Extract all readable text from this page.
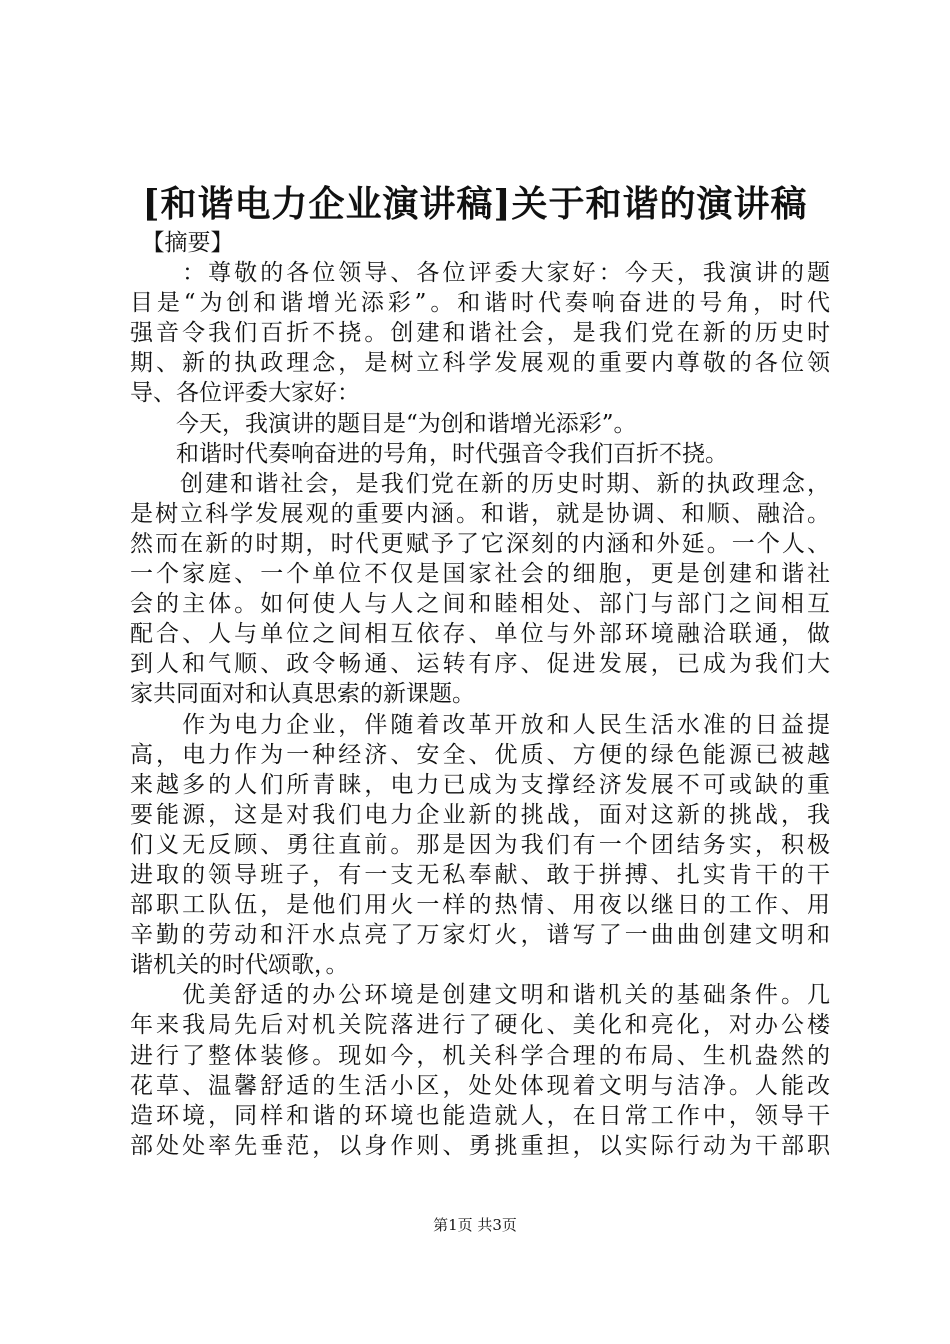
[和谐电力企业演讲稿]关于和谐的演讲稿
　【摘要】
　　：尊敬的各位领导、各位评委大家好：今天，我演讲的题
目是“为创和谐增光添彩”。和谐时代奏响奋进的号角，时代
强音令我们百折不挠。创建和谐社会，是我们党在新的历史时
期、新的执政理念，是树立科学发展观的重要内尊敬的各位领
导、各位评委大家好：
　　今天，我演讲的题目是“为创和谐增光添彩”。
　　和谐时代奏响奋进的号角，时代强音令我们百折不挠。
　　创建和谐社会，是我们党在新的历史时期、新的执政理念，
是树立科学发展观的重要内涵。和谐，就是协调、和顺、融洽。
然而在新的时期，时代更赋予了它深刻的内涵和外延。一个人、
一个家庭、一个单位不仅是国家社会的细胞，更是创建和谐社
会的主体。如何使人与人之间和睦相处、部门与部门之间相互
配合、人与单位之间相互依存、单位与外部环境融洽联通，做
到人和气顺、政令畅通、运转有序、促进发展，已成为我们大
家共同面对和认真思索的新课题。
　　作为电力企业，伴随着改革开放和人民生活水准的日益提
高，电力作为一种经济、安全、优质、方便的绿色能源已被越
来越多的人们所青睐，电力已成为支撑经济发展不可或缺的重
要能源，这是对我们电力企业新的挑战，面对这新的挑战，我
们义无反顾、勇往直前。那是因为我们有一个团结务实，积极
进取的领导班子，有一支无私奉献、敢于拼搏、扎实肯干的干
部职工队伍，是他们用火一样的热情、用夜以继日的工作、用
辛勤的劳动和汗水点亮了万家灯火，谱写了一曲曲创建文明和
谐机关的时代颂歌，。
　　优美舒适的办公环境是创建文明和谐机关的基础条件。几
年来我局先后对机关院落进行了硬化、美化和亮化，对办公楼
进行了整体装修。现如今，机关科学合理的布局、生机盎然的
花草、温馨舒适的生活小区，处处体现着文明与洁净。人能改
造环境，同样和谐的环境也能造就人，在日常工作中，领导干
部处处率先垂范，以身作则、勇挑重担，以实际行动为干部职
第1页 共3页
